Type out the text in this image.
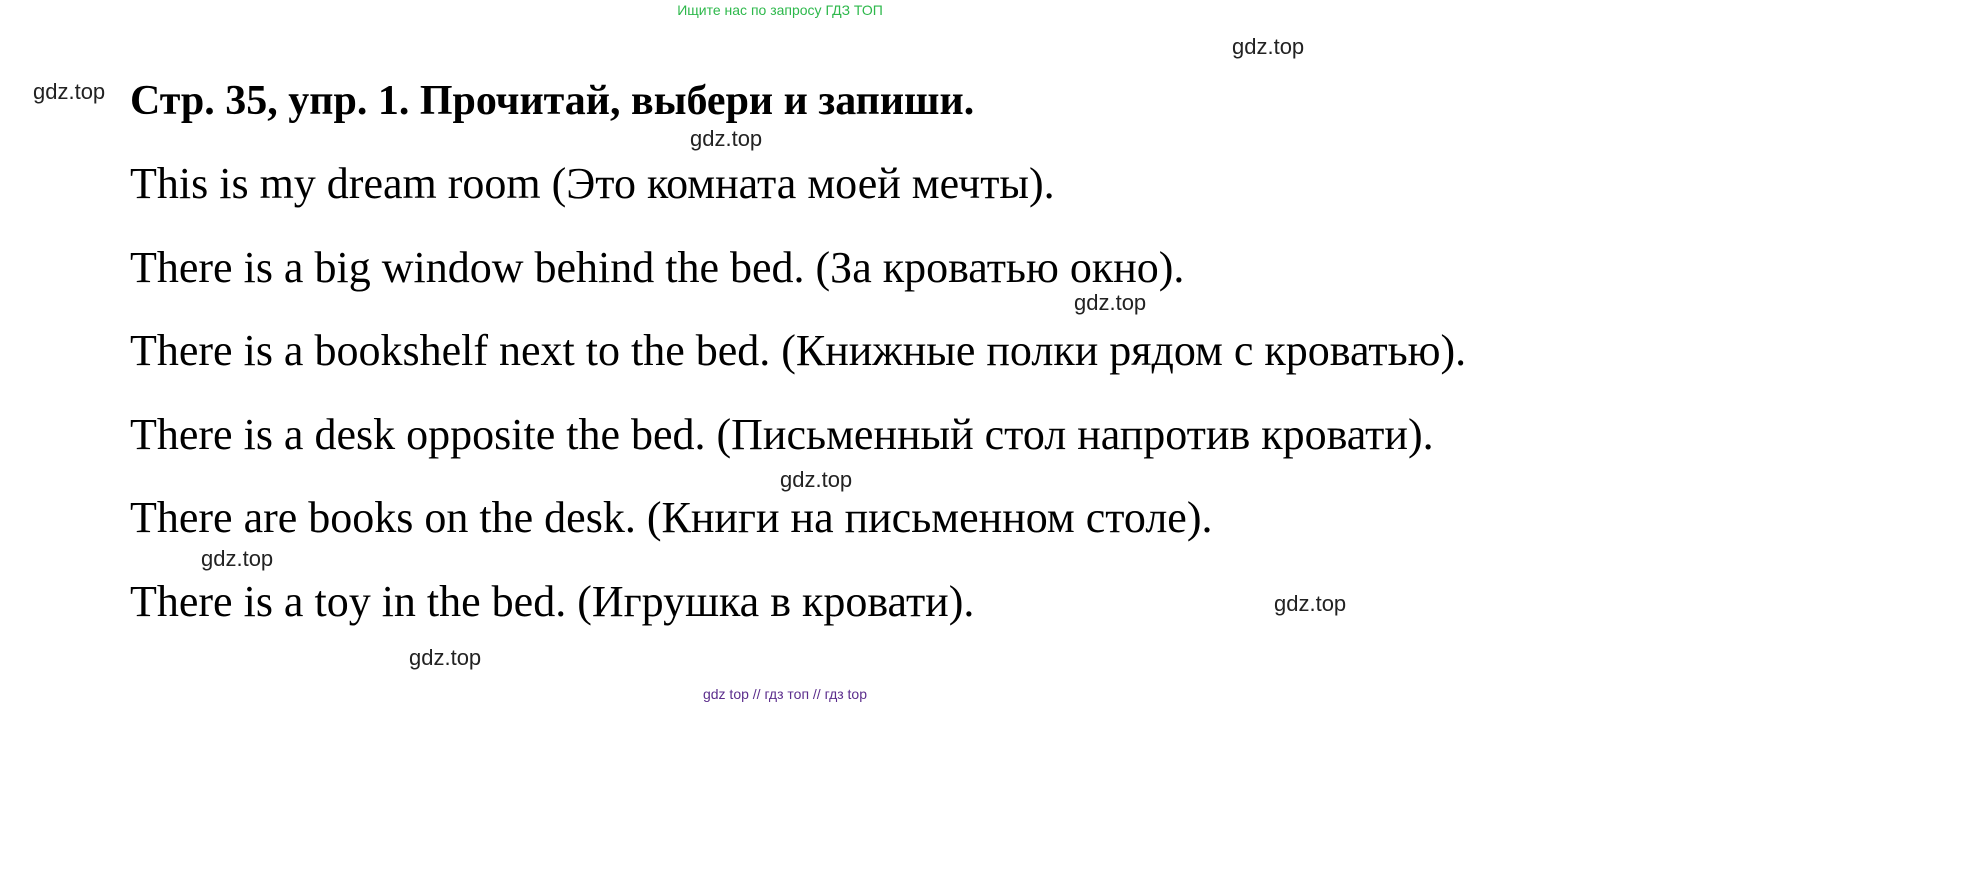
Ищите нас по запросу ГДЗ ТОП
gdz.top
gdz.top
gdz.top
gdz.top
gdz.top
gdz.top
gdz.top
gdz.top
Стр. 35, упр. 1. Прочитай, выбери и запиши.
This is my dream room (Это комната моей мечты).
There is a big window behind the bed. (За кроватью окно).
There is a bookshelf next to the bed. (Книжные полки рядом с кроватью).
There is a desk opposite the bed. (Письменный стол напротив кровати).
There are books on the desk. (Книги на письменном столе).
There is a toy in the bed. (Игрушка в кровати).
gdz top // гдз топ // гдз top
